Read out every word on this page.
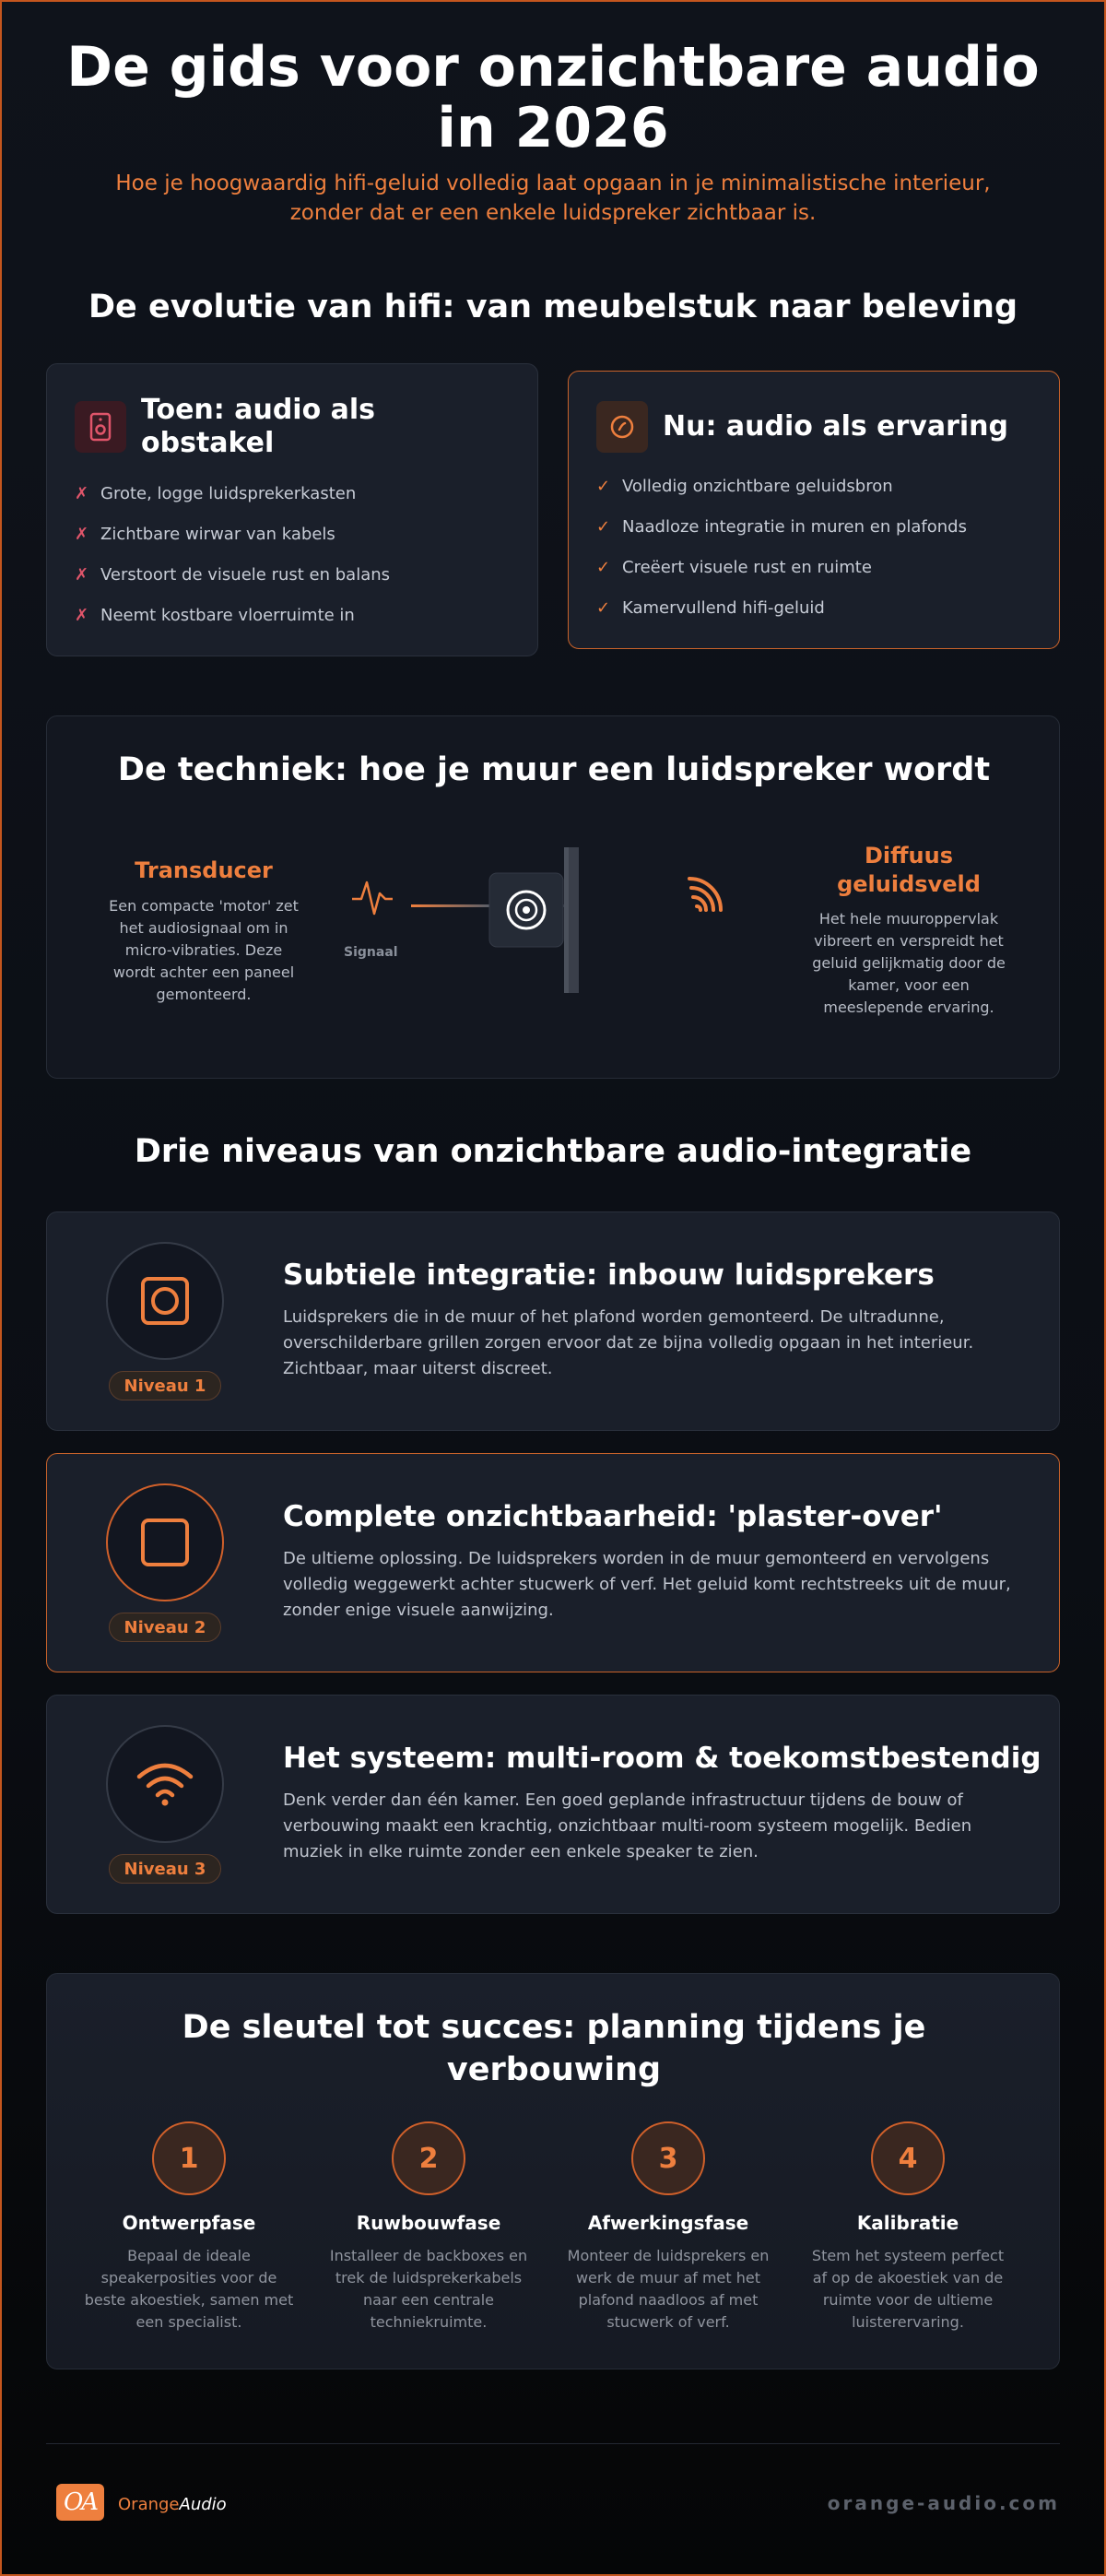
De gids voor onzichtbare audio in 2026

Hoe je hoogwaardig hifi-geluid volledig laat opgaan in je minimalistische interieur, zonder dat er een enkele luidspreker zichtbaar is.

De evolutie van hifi: van meubelstuk naar beleving
Toen: audio als obstakel
✗ Grote, logge luidsprekerkasten
✗ Zichtbare wirwar van kabels
✗ Verstoort de visuele rust en balans
✗ Neemt kostbare vloerruimte in
Nu: audio als ervaring
✓ Volledig onzichtbare geluidsbron
✓ Naadloze integratie in muren en plafonds
✓ Creëert visuele rust en ruimte
✓ Kamervullend hifi-geluid
De techniek: hoe je muur een luidspreker wordt
Transducer
Een compacte 'motor' zet het audiosignaal om in micro-vibraties. Deze wordt achter een paneel gemonteerd.
Signaal
Diffuus geluidsveld
Het hele muuroppervlak vibreert en verspreidt het geluid gelijkmatig door de kamer, voor een meeslepende ervaring.
Drie niveaus van onzichtbare audio-integratie
Niveau 1
Subtiele integratie: inbouw luidsprekers
Luidsprekers die in de muur of het plafond worden gemonteerd. De ultradunne, overschilderbare grillen zorgen ervoor dat ze bijna volledig opgaan in het interieur. Zichtbaar, maar uiterst discreet.
Niveau 2
Complete onzichtbaarheid: 'plaster-over'
De ultieme oplossing. De luidsprekers worden in de muur gemonteerd en vervolgens volledig weggewerkt achter stucwerk of verf. Het geluid komt rechtstreeks uit de muur, zonder enige visuele aanwijzing.
Niveau 3
Het systeem: multi-room & toekomstbestendig
Denk verder dan één kamer. Een goed geplande infrastructuur tijdens de bouw of verbouwing maakt een krachtig, onzichtbaar multi-room systeem mogelijk. Bedien muziek in elke ruimte zonder een enkele speaker te zien.
De sleutel tot succes: planning tijdens je verbouwing
1
Ontwerpfase
Bepaal de ideale speakerposities voor de beste akoestiek, samen met een specialist.
2
Ruwbouwfase
Installeer de backboxes en trek de luidsprekerkabels naar een centrale techniekruimte.
3
Afwerkingsfase
Monteer de luidsprekers en werk de muur af met het plafond naadloos af met stucwerk of verf.
4
Kalibratie
Stem het systeem perfect af op de akoestiek van de ruimte voor de ultieme luisterervaring.
OA OrangeAudio	orange-audio.com
